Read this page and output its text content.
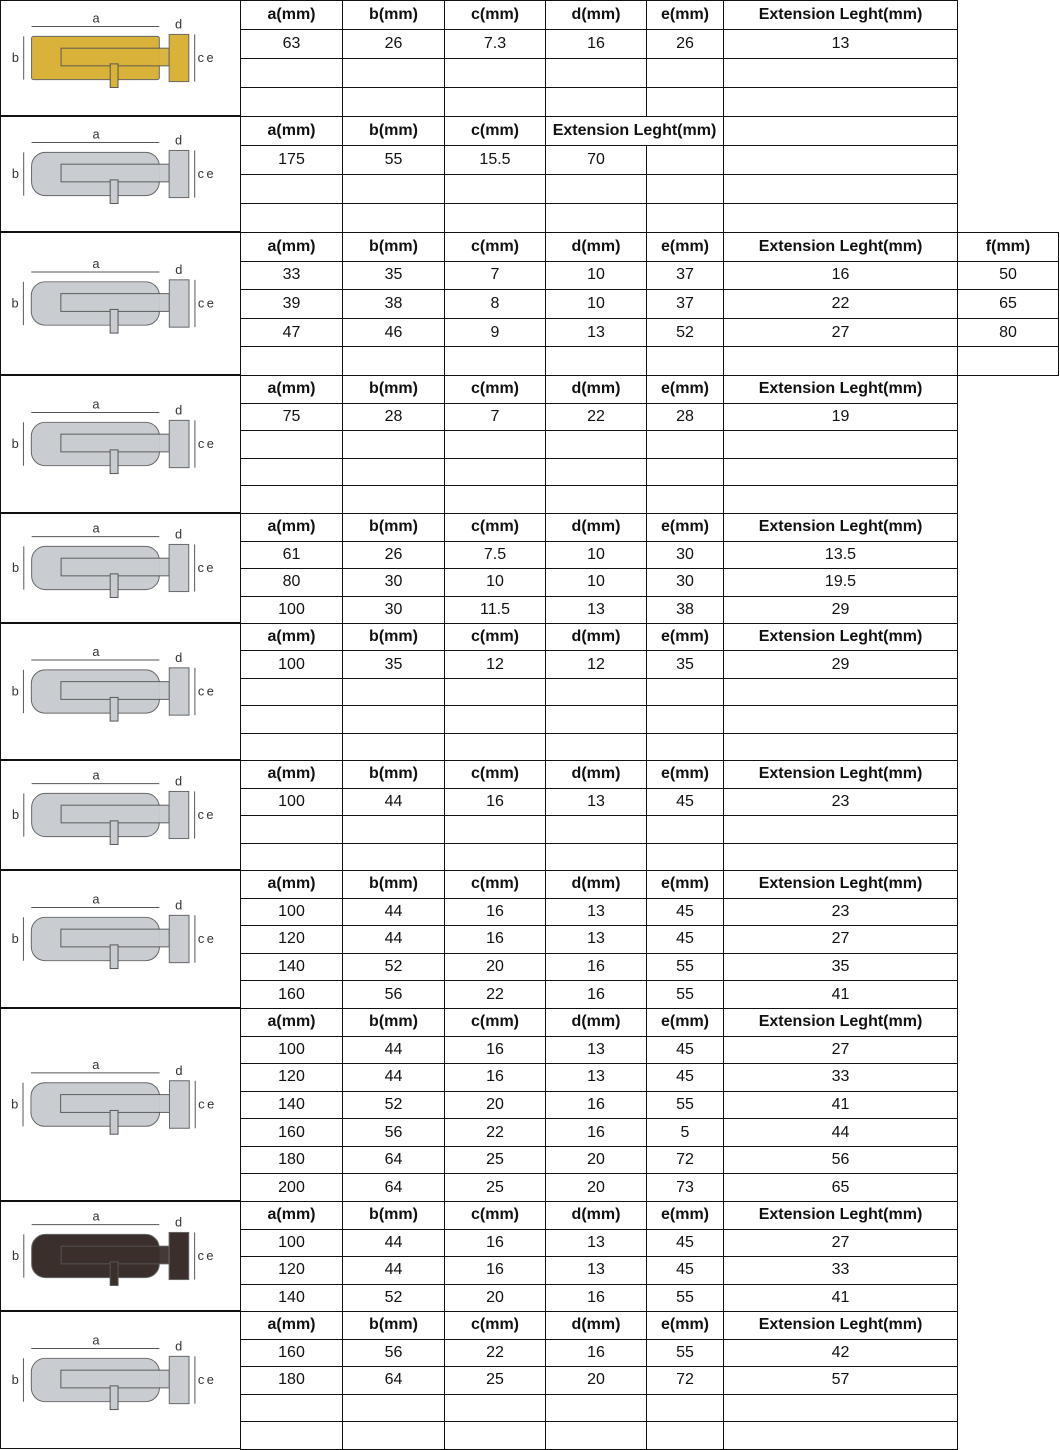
a
b
d
c e
a(mm)	b(mm)	c(mm)	d(mm)	e(mm)	Extension Leght(mm)
63	26	7.3	16	26	13
a
b
d
c e
a(mm)	b(mm)	c(mm)	Extension Leght(mm)
175	55	15.5	70
a
b
d
c e
a(mm)	b(mm)	c(mm)	d(mm)	e(mm)	Extension Leght(mm)	f(mm)
33	35	7	10	37	16	50
39	38	8	10	37	22	65
47	46	9	13	52	27	80
a
b
d
c e
a(mm)	b(mm)	c(mm)	d(mm)	e(mm)	Extension Leght(mm)
75	28	7	22	28	19
a
b
d
c e
a(mm)	b(mm)	c(mm)	d(mm)	e(mm)	Extension Leght(mm)
61	26	7.5	10	30	13.5
80	30	10	10	30	19.5
100	30	11.5	13	38	29
a
b
d
c e
a(mm)	b(mm)	c(mm)	d(mm)	e(mm)	Extension Leght(mm)
100	35	12	12	35	29
a
b
d
c e
a(mm)	b(mm)	c(mm)	d(mm)	e(mm)	Extension Leght(mm)
100	44	16	13	45	23
a
b
d
c e
a(mm)	b(mm)	c(mm)	d(mm)	e(mm)	Extension Leght(mm)
100	44	16	13	45	23
120	44	16	13	45	27
140	52	20	16	55	35
160	56	22	16	55	41
a
b
d
c e
a(mm)	b(mm)	c(mm)	d(mm)	e(mm)	Extension Leght(mm)
100	44	16	13	45	27
120	44	16	13	45	33
140	52	20	16	55	41
160	56	22	16	5	44
180	64	25	20	72	56
200	64	25	20	73	65
a
b
d
c e
a(mm)	b(mm)	c(mm)	d(mm)	e(mm)	Extension Leght(mm)
100	44	16	13	45	27
120	44	16	13	45	33
140	52	20	16	55	41
a
b
d
c e
a(mm)	b(mm)	c(mm)	d(mm)	e(mm)	Extension Leght(mm)
160	56	22	16	55	42
180	64	25	20	72	57
